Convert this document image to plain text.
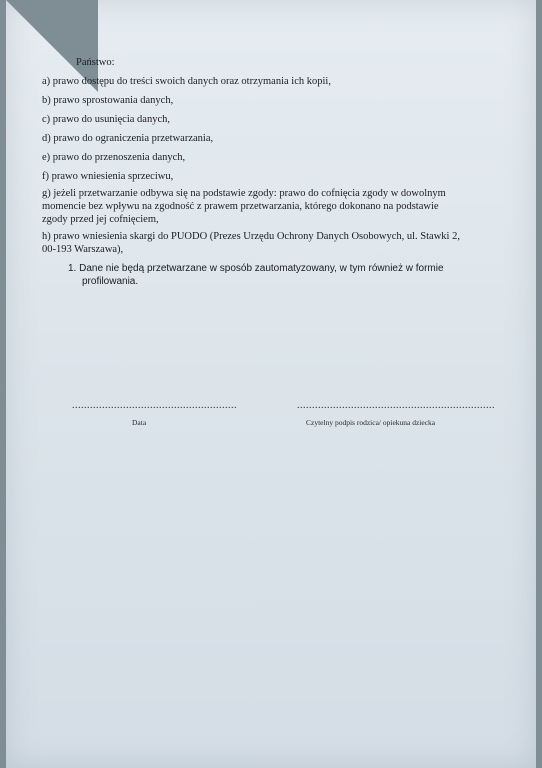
Państwo:
a) prawo dostępu do treści swoich danych oraz otrzymania ich kopii,
b) prawo sprostowania danych,
c) prawo do usunięcia danych,
d) prawo do ograniczenia przetwarzania,
e) prawo do przenoszenia danych,
f) prawo wniesienia sprzeciwu,
g) jeżeli przetwarzanie odbywa się na podstawie zgody: prawo do cofnięcia zgody w dowolnym
momencie bez wpływu na zgodność z prawem przetwarzania, którego dokonano na podstawie
zgody przed jej cofnięciem,
h) prawo wniesienia skargi do PUODO (Prezes Urzędu Ochrony Danych Osobowych, ul. Stawki 2,
00-193 Warszawa),
1. Dane nie będą przetwarzane w sposób zautomatyzowany, w tym również w formie
profilowania.
.......................................................	..................................................................
Data	Czytelny podpis rodzica/ opiekuna dziecka
